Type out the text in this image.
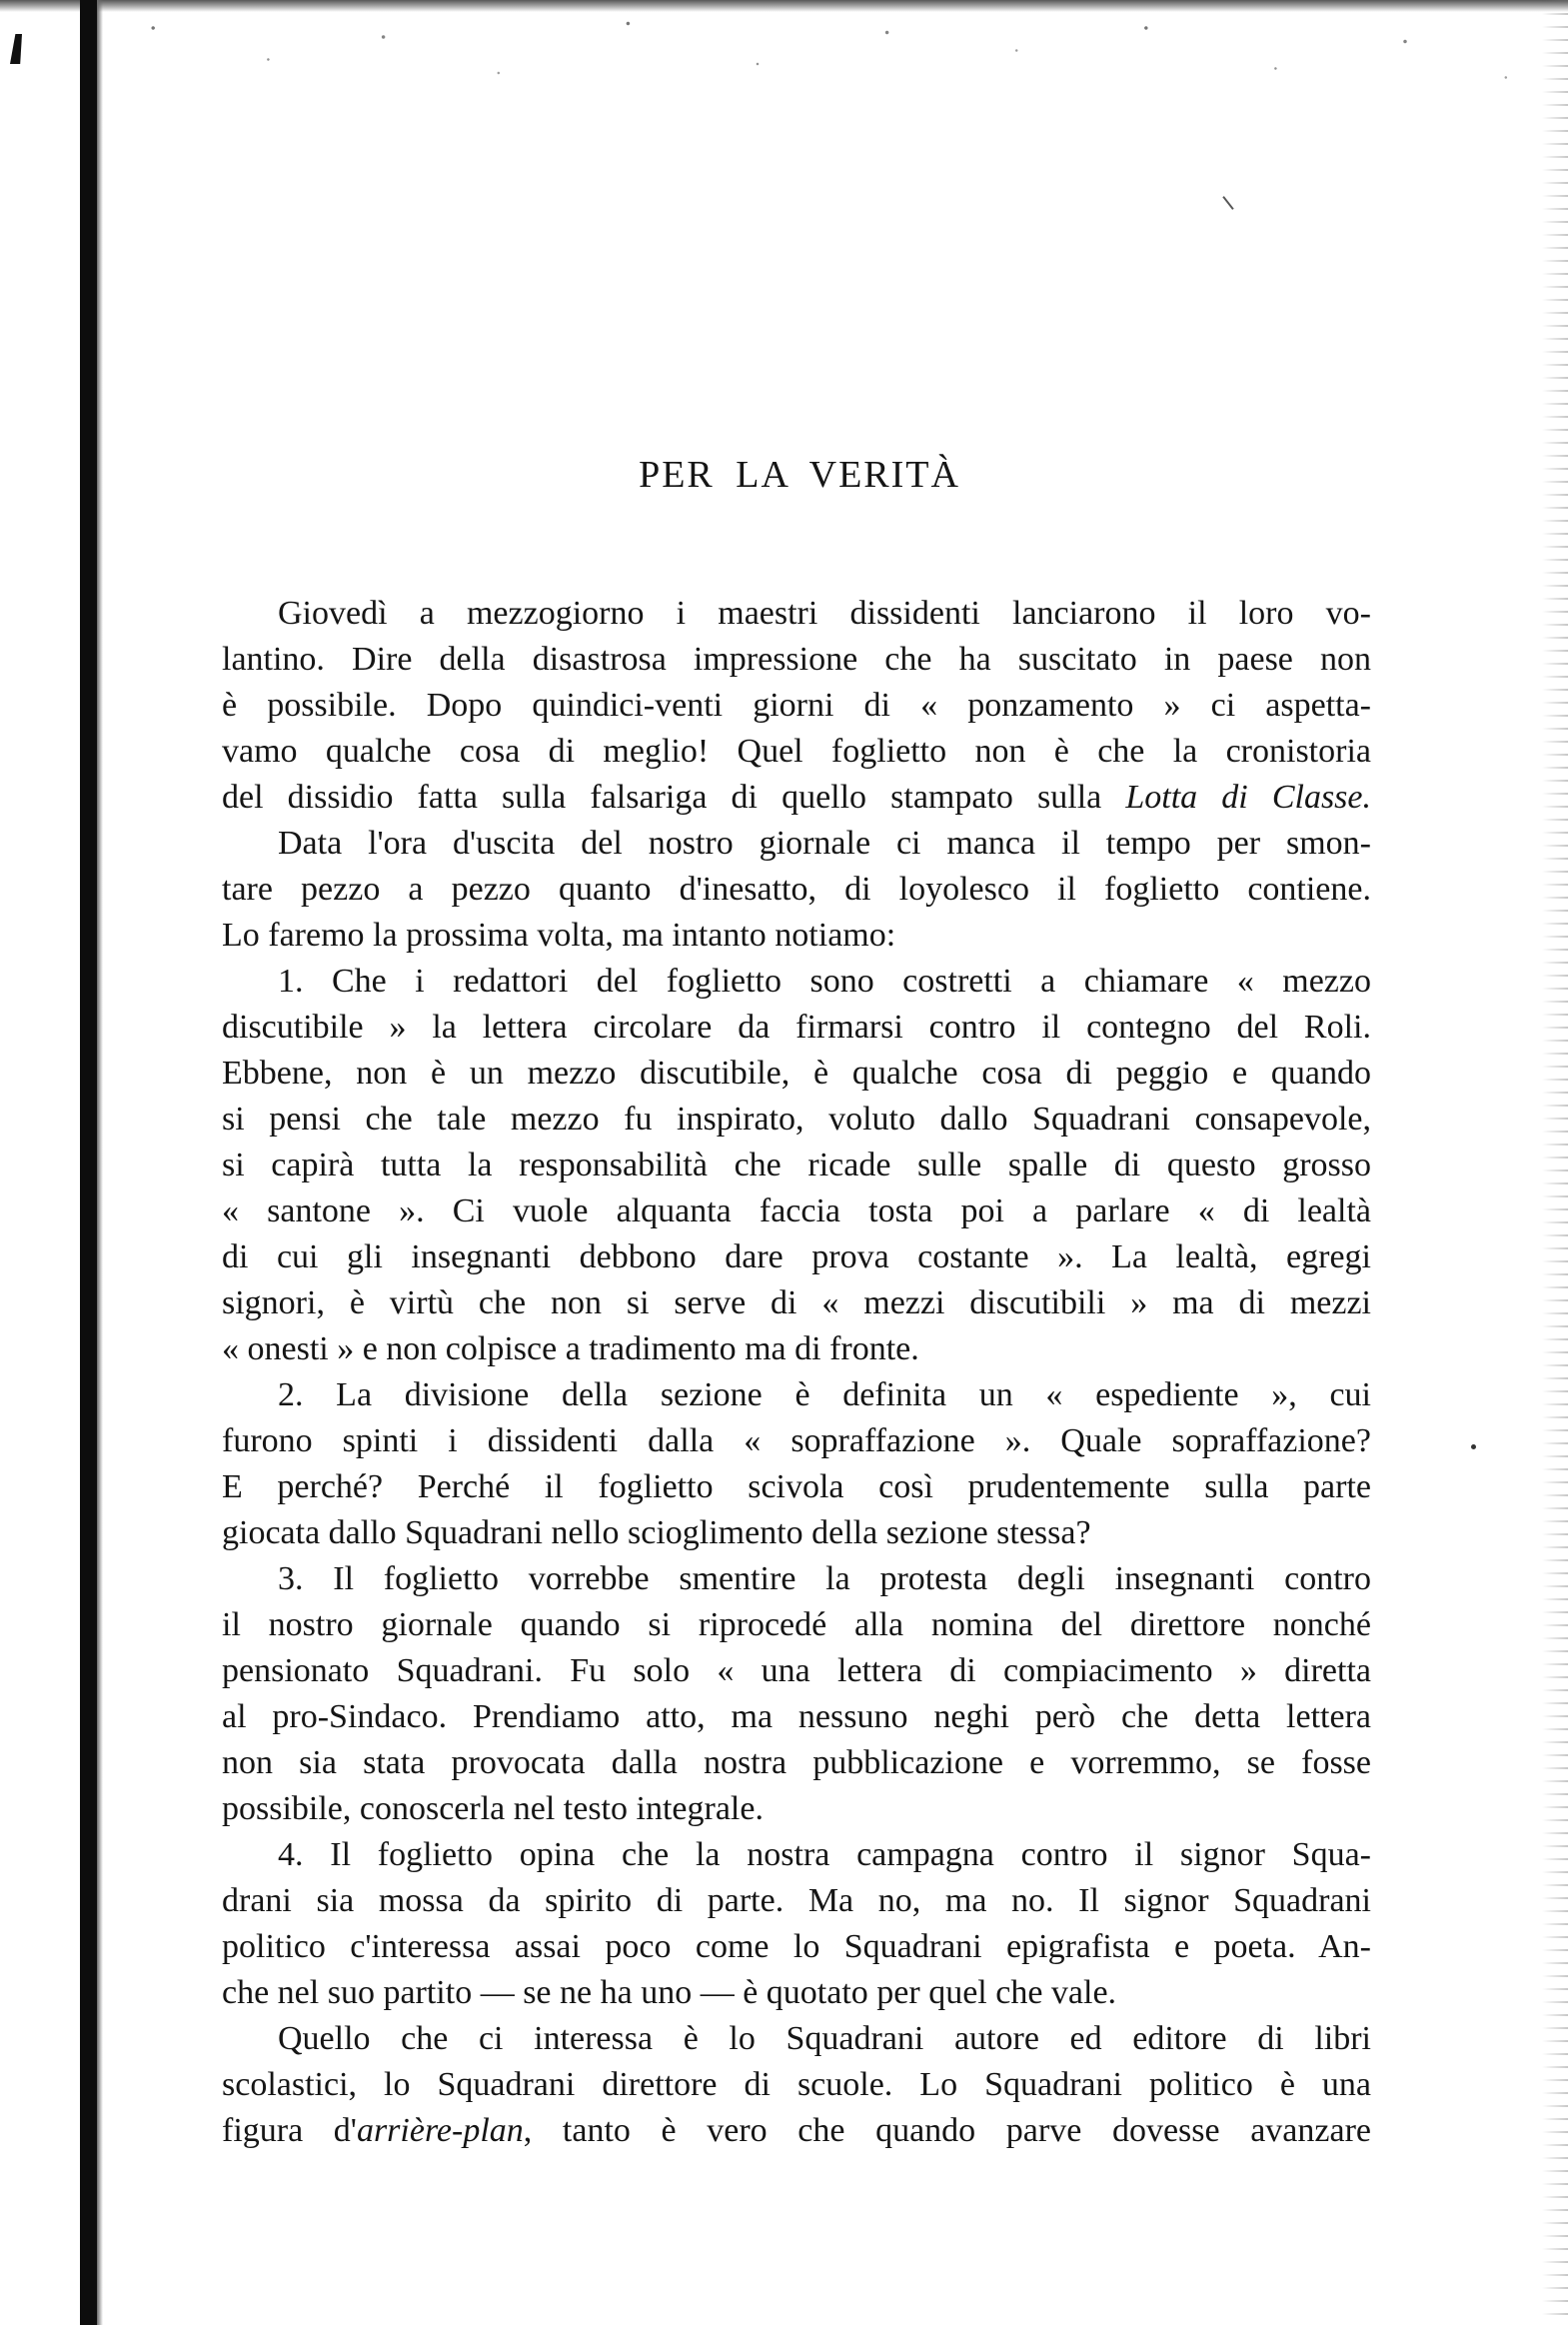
PER LA VERITÀ
Giovedì a mezzogiorno i maestri dissidenti lanciarono il loro vo-
lantino. Dire della disastrosa impressione che ha suscitato in paese non
è possibile. Dopo quindici-venti giorni di « ponzamento » ci aspetta-
vamo qualche cosa di meglio! Quel foglietto non è che la cronistoria
del dissidio fatta sulla falsariga di quello stampato sulla Lotta di Classe.
Data l'ora d'uscita del nostro giornale ci manca il tempo per smon-
tare pezzo a pezzo quanto d'inesatto, di loyolesco il foglietto contiene.
Lo faremo la prossima volta, ma intanto notiamo:
1. Che i redattori del foglietto sono costretti a chiamare « mezzo
discutibile » la lettera circolare da firmarsi contro il contegno del Roli.
Ebbene, non è un mezzo discutibile, è qualche cosa di peggio e quando
si pensi che tale mezzo fu inspirato, voluto dallo Squadrani consapevole,
si capirà tutta la responsabilità che ricade sulle spalle di questo grosso
« santone ». Ci vuole alquanta faccia tosta poi a parlare « di lealtà
di cui gli insegnanti debbono dare prova costante ». La lealtà, egregi
signori, è virtù che non si serve di « mezzi discutibili » ma di mezzi
« onesti » e non colpisce a tradimento ma di fronte.
2. La divisione della sezione è definita un « espediente », cui
furono spinti i dissidenti dalla « sopraffazione ». Quale sopraffazione?
E perché? Perché il foglietto scivola così prudentemente sulla parte
giocata dallo Squadrani nello scioglimento della sezione stessa?
3. Il foglietto vorrebbe smentire la protesta degli insegnanti contro
il nostro giornale quando si riprocedé alla nomina del direttore nonché
pensionato Squadrani. Fu solo « una lettera di compiacimento » diretta
al pro-Sindaco. Prendiamo atto, ma nessuno neghi però che detta lettera
non sia stata provocata dalla nostra pubblicazione e vorremmo, se fosse
possibile, conoscerla nel testo integrale.
4. Il foglietto opina che la nostra campagna contro il signor Squa-
drani sia mossa da spirito di parte. Ma no, ma no. Il signor Squadrani
politico c'interessa assai poco come lo Squadrani epigrafista e poeta. An-
che nel suo partito — se ne ha uno — è quotato per quel che vale.
Quello che ci interessa è lo Squadrani autore ed editore di libri
scolastici, lo Squadrani direttore di scuole. Lo Squadrani politico è una
figura d'arrière-plan, tanto è vero che quando parve dovesse avanzare
